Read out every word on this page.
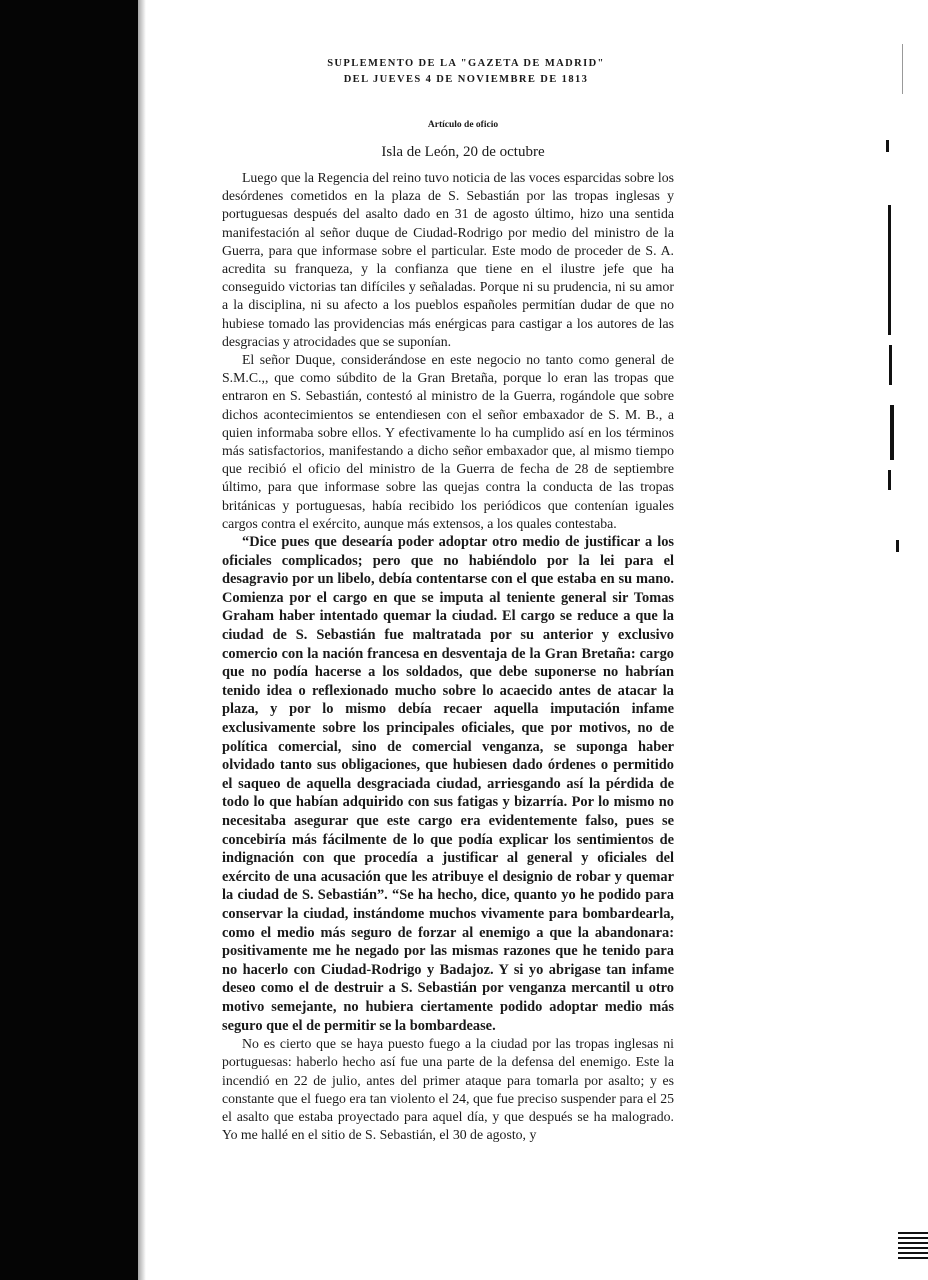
SUPLEMENTO DE LA "GAZETA DE MADRID"
DEL JUEVES 4 DE NOVIEMBRE DE 1813
Artículo de oficio
Isla de León, 20 de octubre

Luego que la Regencia del reino tuvo noticia de las voces esparcidas sobre los desórdenes cometidos en la plaza de S. Sebastián por las tropas inglesas y portuguesas después del asalto dado en 31 de agosto último, hizo una sentida manifestación al señor duque de Ciudad-Rodrigo por medio del ministro de la Guerra, para que informase sobre el particular. Este modo de proceder de S. A. acredita su franqueza, y la confianza que tiene en el ilustre jefe que ha conseguido victorias tan difíciles y señaladas. Porque ni su prudencia, ni su amor a la disciplina, ni su afecto a los pueblos españoles permitían dudar de que no hubiese tomado las providencias más enérgicas para castigar a los autores de las desgracias y atrocidades que se suponían.

El señor Duque, considerándose en este negocio no tanto como general de S.M.C.,, que como súbdito de la Gran Bretaña, porque lo eran las tropas que entraron en S. Sebastián, contestó al ministro de la Guerra, rogándole que sobre dichos acontecimientos se entendiesen con el señor embaxador de S. M. B., a quien informaba sobre ellos. Y efectivamente lo ha cumplido así en los términos más satisfactorios, manifestando a dicho señor embaxador que, al mismo tiempo que recibió el oficio del ministro de la Guerra de fecha de 28 de septiembre último, para que informase sobre las quejas contra la conducta de las tropas británicas y portuguesas, había recibido los periódicos que contenían iguales cargos contra el exército, aunque más extensos, a los quales contestaba.

“Dice pues que desearía poder adoptar otro medio de justificar a los oficiales complicados; pero que no habiéndolo por la lei para el desagravio por un libelo, debía contentarse con el que estaba en su mano. Comienza por el cargo en que se imputa al teniente general sir Tomas Graham haber intentado quemar la ciudad. El cargo se reduce a que la ciudad de S. Sebastián fue maltratada por su anterior y exclusivo comercio con la nación francesa en desventaja de la Gran Bretaña: cargo que no podía hacerse a los soldados, que debe suponerse no habrían tenido idea o reflexionado mucho sobre lo acaecido antes de atacar la plaza, y por lo mismo debía recaer aquella imputación infame exclusivamente sobre los principales oficiales, que por motivos, no de política comercial, sino de comercial venganza, se suponga haber olvidado tanto sus obligaciones, que hubiesen dado órdenes o permitido el saqueo de aquella desgraciada ciudad, arriesgando así la pérdida de todo lo que habían adquirido con sus fatigas y bizarría. Por lo mismo no necesitaba asegurar que este cargo era evidentemente falso, pues se concebiría más fácilmente de lo que podía explicar los sentimientos de indignación con que procedía a justificar al general y oficiales del exército de una acusación que les atribuye el designio de robar y quemar la ciudad de S. Sebastián”. “Se ha hecho, dice, quanto yo he podido para conservar la ciudad, instándome muchos vivamente para bombardearla, como el medio más seguro de forzar al enemigo a que la abandonara: positivamente me he negado por las mismas razones que he tenido para no hacerlo con Ciudad-Rodrigo y Badajoz. Y si yo abrigase tan infame deseo como el de destruir a S. Sebastián por venganza mercantil u otro motivo semejante, no hubiera ciertamente podido adoptar medio más seguro que el de permitir se la bombardease.

No es cierto que se haya puesto fuego a la ciudad por las tropas inglesas ni portuguesas: haberlo hecho así fue una parte de la defensa del enemigo. Este la incendió en 22 de julio, antes del primer ataque para tomarla por asalto; y es constante que el fuego era tan violento el 24, que fue preciso suspender para el 25 el asalto que estaba proyectado para aquel día, y que después se ha malogrado. Yo me hallé en el sitio de S. Sebastián, el 30 de agosto, y
